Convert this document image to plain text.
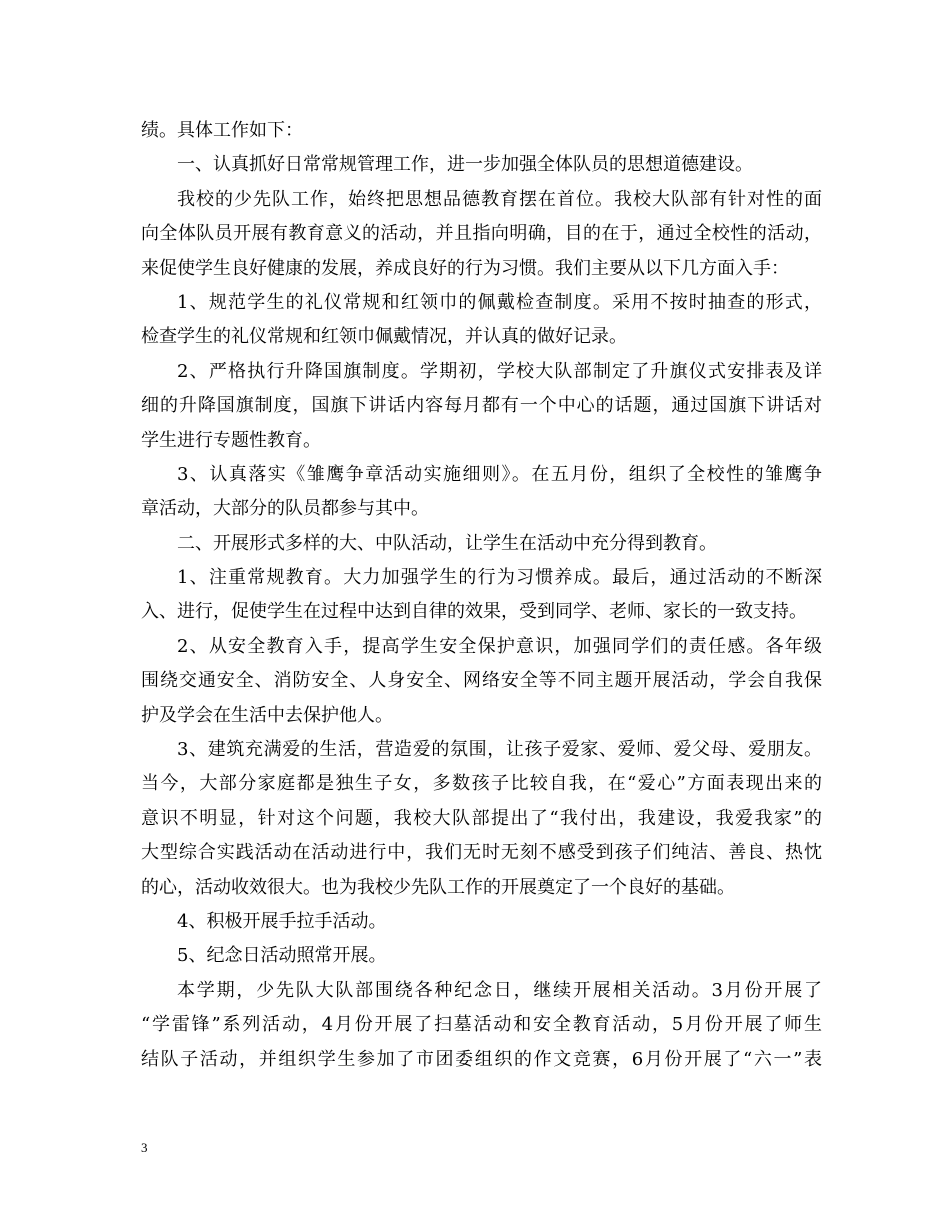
绩。具体工作如下：
一、认真抓好日常常规管理工作，进一步加强全体队员的思想道德建设。
我校的少先队工作，始终把思想品德教育摆在首位。我校大队部有针对性的面
向全体队员开展有教育意义的活动，并且指向明确，目的在于，通过全校性的活动，
来促使学生良好健康的发展，养成良好的行为习惯。我们主要从以下几方面入手：
1、规范学生的礼仪常规和红领巾的佩戴检查制度。采用不按时抽查的形式，
检查学生的礼仪常规和红领巾佩戴情况，并认真的做好记录。
2、严格执行升降国旗制度。学期初，学校大队部制定了升旗仪式安排表及详
细的升降国旗制度，国旗下讲话内容每月都有一个中心的话题，通过国旗下讲话对
学生进行专题性教育。
3、认真落实《雏鹰争章活动实施细则》。在五月份，组织了全校性的雏鹰争
章活动，大部分的队员都参与其中。
二、开展形式多样的大、中队活动，让学生在活动中充分得到教育。
1、注重常规教育。大力加强学生的行为习惯养成。最后，通过活动的不断深
入、进行，促使学生在过程中达到自律的效果，受到同学、老师、家长的一致支持。
2、从安全教育入手，提高学生安全保护意识，加强同学们的责任感。各年级
围绕交通安全、消防安全、人身安全、网络安全等不同主题开展活动，学会自我保
护及学会在生活中去保护他人。
3、建筑充满爱的生活，营造爱的氛围，让孩子爱家、爱师、爱父母、爱朋友。
当今，大部分家庭都是独生子女，多数孩子比较自我，在“爱心”方面表现出来的
意识不明显，针对这个问题，我校大队部提出了“我付出，我建设，我爱我家”的
大型综合实践活动在活动进行中，我们无时无刻不感受到孩子们纯洁、善良、热忱
的心，活动收效很大。也为我校少先队工作的开展奠定了一个良好的基础。
4、积极开展手拉手活动。
5、纪念日活动照常开展。
本学期，少先队大队部围绕各种纪念日，继续开展相关活动。3月份开展了
“学雷锋”系列活动，4月份开展了扫墓活动和安全教育活动，5月份开展了师生
结队子活动，并组织学生参加了市团委组织的作文竞赛，6月份开展了“六一”表
3
